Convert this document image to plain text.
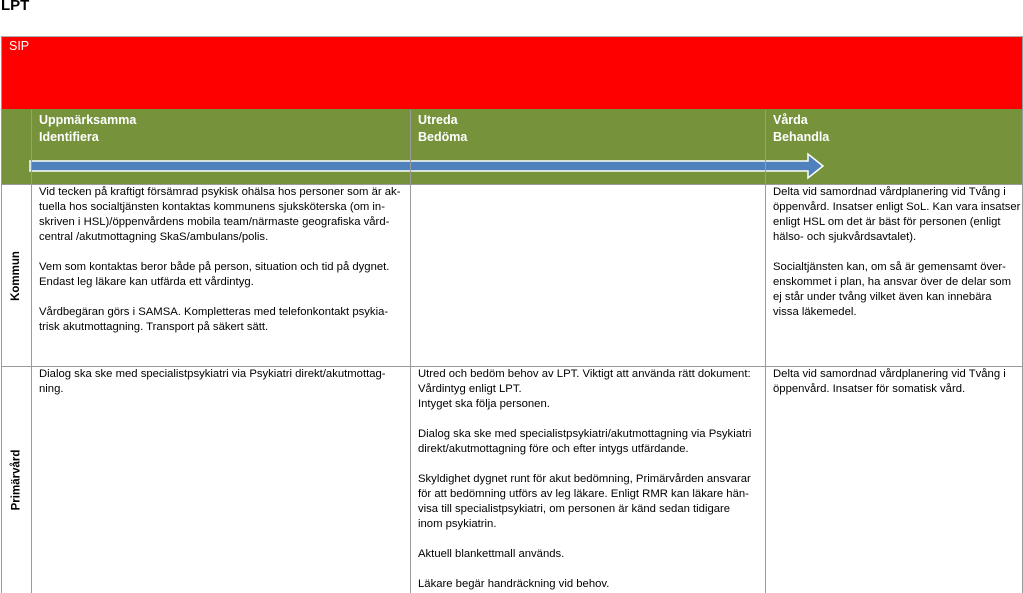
LPT
SIP
Uppmärksamma
Identifiera
Utreda
Bedöma
Vårda
Behandla
Kommun
Primärvård

Vid tecken på kraftigt försämrad psykisk ohälsa hos personer som är ak-
tuella hos socialtjänsten kontaktas kommunens sjuksköterska (om in-
skriven i HSL)/öppenvårdens mobila team/närmaste geografiska vård-
central /akutmottagning SkaS/ambulans/polis.

Vem som kontaktas beror både på person, situation och tid på dygnet.
Endast leg läkare kan utfärda ett vårdintyg.

Vårdbegäran görs i SAMSA. Kompletteras med telefonkontakt psykia-
trisk akutmottagning. Transport på säkert sätt.

Delta vid samordnad vårdplanering vid Tvång i
öppenvård. Insatser enligt SoL. Kan vara insatser
enligt HSL om det är bäst för personen (enligt
hälso- och sjukvårdsavtalet).

Socialtjänsten kan, om så är gemensamt över-
enskommet i plan, ha ansvar över de delar som
ej står under tvång vilket även kan innebära
vissa läkemedel.

Dialog ska ske med specialistpsykiatri via Psykiatri direkt/akutmottag-
ning.

Utred och bedöm behov av LPT. Viktigt att använda rätt dokument:
Vårdintyg enligt LPT.
Intyget ska följa personen.

Dialog ska ske med specialistpsykiatri/akutmottagning via Psykiatri
direkt/akutmottagning före och efter intygs utfärdande.

Skyldighet dygnet runt för akut bedömning, Primärvården ansvarar
för att bedömning utförs av leg läkare. Enligt RMR kan läkare hän-
visa till specialistpsykiatri, om personen är känd sedan tidigare
inom psykiatrin.

Aktuell blankettmall används.

Läkare begär handräckning vid behov.

Delta vid samordnad vårdplanering vid Tvång i
öppenvård. Insatser för somatisk vård.
